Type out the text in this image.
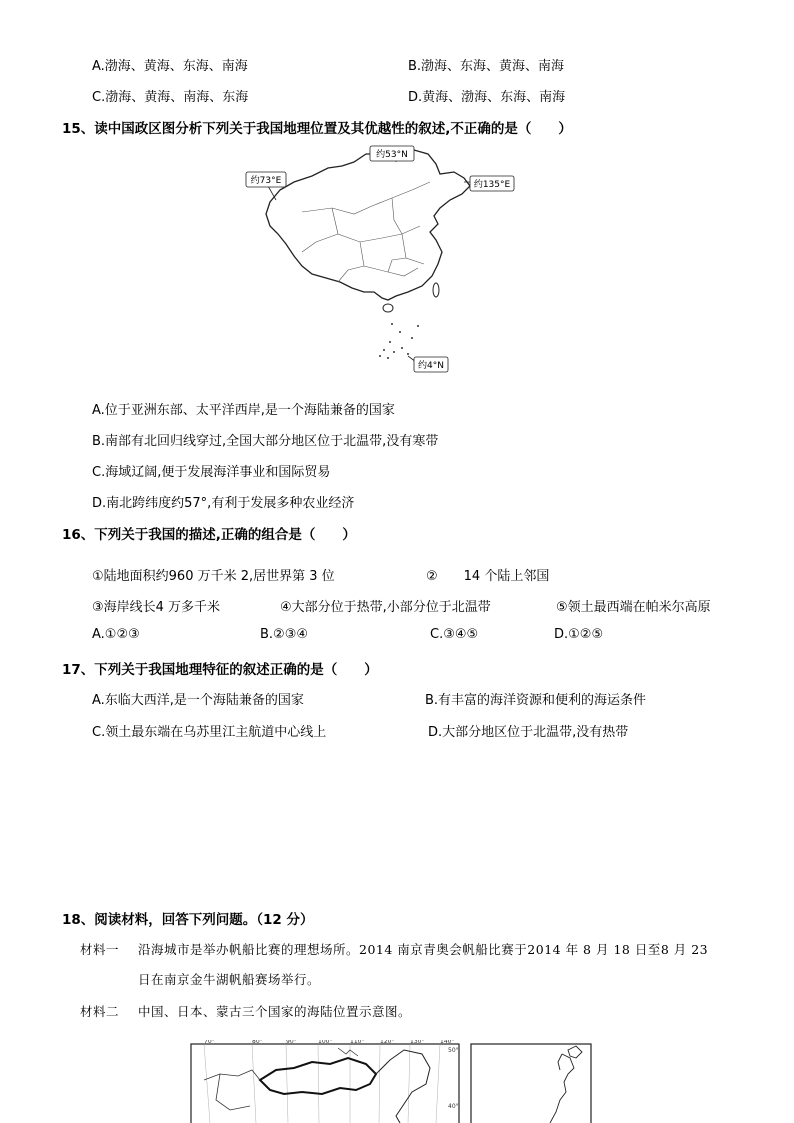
A.渤海、黄海、东海、南海	B.渤海、东海、黄海、南海
C.渤海、黄海、南海、东海	D.黄海、渤海、东海、南海
15、读中国政区图分析下列关于我国地理位置及其优越性的叙述,不正确的是（　　）
约53°N
约73°E	约135°E
约4°N
A.位于亚洲东部、太平洋西岸,是一个海陆兼备的国家
B.南部有北回归线穿过,全国大部分地区位于北温带,没有寒带
C.海域辽阔,便于发展海洋事业和国际贸易
D.南北跨纬度约57°,有利于发展多种农业经济
16、下列关于我国的描述,正确的组合是（　　）
①陆地面积约960 万千米 2,居世界第 3 位	②　　14 个陆上邻国
③海岸线长4 万多千米	④大部分位于热带,小部分位于北温带	⑤领土最西端在帕米尔高原
A.①②③	B.②③④	C.③④⑤	D.①②⑤
17、下列关于我国地理特征的叙述正确的是（　　）
A.东临大西洋,是一个海陆兼备的国家	B.有丰富的海洋资源和便利的海运条件
C.领土最东端在乌苏里江主航道中心线上	D.大部分地区位于北温带,没有热带
18、阅读材料，回答下列问题。（12 分）
材料一 沿海城市是举办帆船比赛的理想场所。2014 南京青奥会帆船比赛于2014 年 8 月 18 日至8 月 23
日在南京金牛湖帆船赛场举行。
材料二 中国、日本、蒙古三个国家的海陆位置示意图。
70°	80°	90°	100°	110°	120°	130°	140°
50°
40°
